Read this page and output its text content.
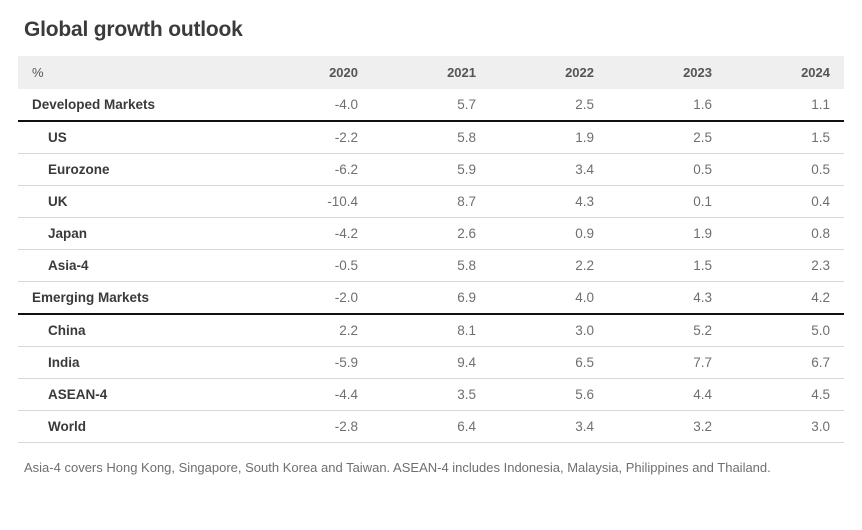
Global growth outlook
%	2020	2021	2022	2023	2024
Developed Markets	-4.0	5.7	2.5	1.6	1.1
US	-2.2	5.8	1.9	2.5	1.5
Eurozone	-6.2	5.9	3.4	0.5	0.5
UK	-10.4	8.7	4.3	0.1	0.4
Japan	-4.2	2.6	0.9	1.9	0.8
Asia-4	-0.5	5.8	2.2	1.5	2.3
Emerging Markets	-2.0	6.9	4.0	4.3	4.2
China	2.2	8.1	3.0	5.2	5.0
India	-5.9	9.4	6.5	7.7	6.7
ASEAN-4	-4.4	3.5	5.6	4.4	4.5
World	-2.8	6.4	3.4	3.2	3.0
Asia-4 covers Hong Kong, Singapore, South Korea and Taiwan. ASEAN-4 includes Indonesia, Malaysia, Philippines and Thailand.
